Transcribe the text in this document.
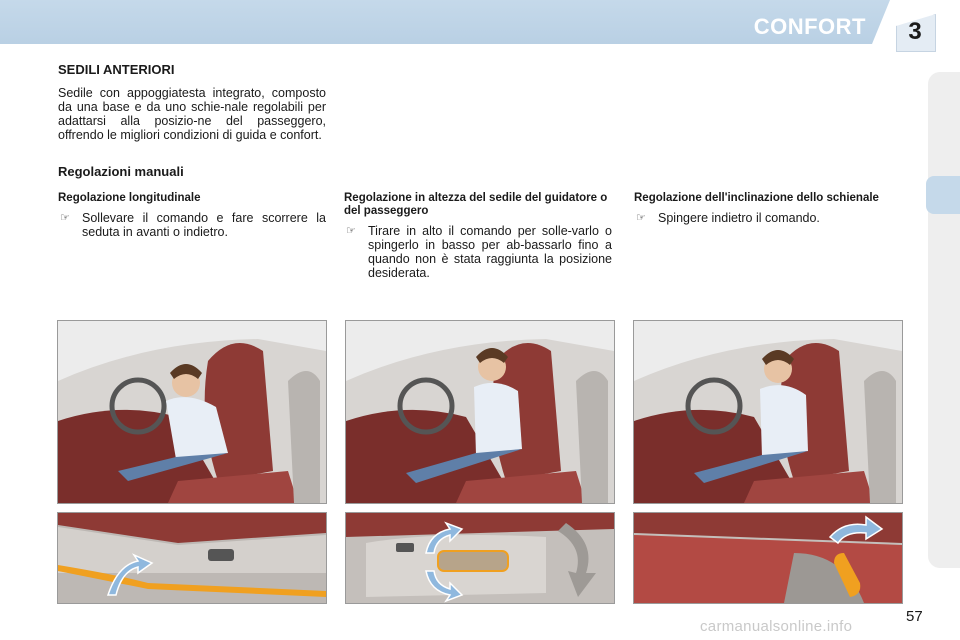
CONFORT	3
SEDILI ANTERIORI
Sedile con appoggiatesta integrato, composto da una base e da uno schie-nale regolabili per adattarsi alla posizio-ne del passeggero, offrendo le migliori condizioni di guida e confort.
Regolazioni manuali
Regolazione longitudinale
☞ Sollevare il comando e fare scorrere la seduta in avanti o indietro.
Regolazione in altezza del sedile del guidatore o del passeggero
☞ Tirare in alto il comando per solle-varlo o spingerlo in basso per ab-bassarlo fino a quando non è stata raggiunta la posizione desiderata.
Regolazione dell'inclinazione dello schienale
☞ Spingere indietro il comando.
57
carmanualsonline.info
